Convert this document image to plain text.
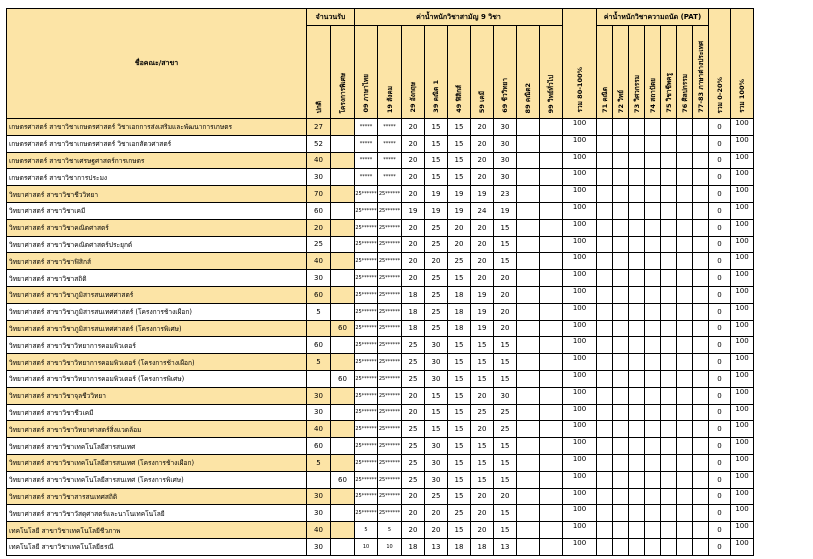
ชื่อคณะ/สาขา	จำนวนรับ		ค่าน้ำหนักวิชาสามัญ 9 วิชา									รวม 80-100%	ค่าน้ำหนักวิชาความถนัด (PAT)							รวม 0-20%	รวม 100%
	ปกติ	โครงการพิเศษ	09 ภาษาไทย	19 สังคม	29 อังกฤษ	39 คณิต 1	49 ฟิสิกส์	59 เคมี	69 ชีววิทยา	89 คณิต2	99 วิทย์ทั่วไป		71 คณิต	72 วิทย์	73 วิศวกรรม	74 สถาปัตย	75 วิชาชีพครู	76 ศิลปกรรม	77-83 ภาษาต่างประเทศ		
เกษตรศาสตร์ สาขาวิชาเกษตรศาสตร์ วิชาเอกการส่งเสริมและพัฒนาการเกษตร	27		*****	*****	20	15	15	20	30			100								0	100
เกษตรศาสตร์ สาขาวิชาเกษตรศาสตร์ วิชาเอกสัตวศาสตร์	52		*****	*****	20	15	15	20	30			100								0	100
เกษตรศาสตร์ สาขาวิชาเศรษฐศาสตร์การเกษตร	40		*****	*****	20	15	15	20	30			100								0	100
เกษตรศาสตร์ สาขาวิชาการประมง	30		*****	*****	20	15	15	20	30			100								0	100
วิทยาศาสตร์ สาขาวิชาชีววิทยา	70		25******	25******	20	19	19	19	23			100								0	100
วิทยาศาสตร์ สาขาวิชาเคมี	60		25******	25******	19	19	19	24	19			100								0	100
วิทยาศาสตร์ สาขาวิชาคณิตศาสตร์	20		25******	25******	20	25	20	20	15			100								0	100
วิทยาศาสตร์ สาขาวิชาคณิตศาสตร์ประยุกต์	25		25******	25******	20	25	20	20	15			100								0	100
วิทยาศาสตร์ สาขาวิชาฟิสิกส์	40		25******	25******	20	20	25	20	15			100								0	100
วิทยาศาสตร์ สาขาวิชาสถิติ	30		25******	25******	20	25	15	20	20			100								0	100
วิทยาศาสตร์ สาขาวิชาภูมิสารสนเทศศาสตร์	60		25******	25******	18	25	18	19	20			100								0	100
วิทยาศาสตร์ สาขาวิชาภูมิสารสนเทศศาสตร์ (โครงการช้างเผือก)	5		25******	25******	18	25	18	19	20			100								0	100
วิทยาศาสตร์ สาขาวิชาภูมิสารสนเทศศาสตร์ (โครงการพิเศษ)		60	25******	25******	18	25	18	19	20			100								0	100
วิทยาศาสตร์ สาขาวิชาวิทยาการคอมพิวเตอร์	60		25******	25******	25	30	15	15	15			100								0	100
วิทยาศาสตร์ สาขาวิชาวิทยาการคอมพิวเตอร์ (โครงการช้างเผือก)	5		25******	25******	25	30	15	15	15			100								0	100
วิทยาศาสตร์ สาขาวิชาวิทยาการคอมพิวเตอร์ (โครงการพิเศษ)		60	25******	25******	25	30	15	15	15			100								0	100
วิทยาศาสตร์ สาขาวิชาจุลชีววิทยา	30		25******	25******	20	15	15	20	30			100								0	100
วิทยาศาสตร์ สาขาวิชาชีวเคมี	30		25******	25******	20	15	15	25	25			100								0	100
วิทยาศาสตร์ สาขาวิชาวิทยาศาสตร์สิ่งแวดล้อม	40		25******	25******	25	15	15	20	25			100								0	100
วิทยาศาสตร์ สาขาวิชาเทคโนโลยีสารสนเทศ	60		25******	25******	25	30	15	15	15			100								0	100
วิทยาศาสตร์ สาขาวิชาเทคโนโลยีสารสนเทศ (โครงการช้างเผือก)	5		25******	25******	25	30	15	15	15			100								0	100
วิทยาศาสตร์ สาขาวิชาเทคโนโลยีสารสนเทศ (โครงการพิเศษ)		60	25******	25******	25	30	15	15	15			100								0	100
วิทยาศาสตร์ สาขาวิชาสารสนเทศสถิติ	30		25******	25******	20	25	15	20	20			100								0	100
วิทยาศาสตร์ สาขาวิชาวัสดุศาสตร์และนาโนเทคโนโลยี	30		25******	25******	20	20	25	20	15			100								0	100
เทคโนโลยี สาขาวิชาเทคโนโลยีชีวภาพ	40		5	5	20	20	15	20	15			100								0	100
เทคโนโลยี สาขาวิชาเทคโนโลยีธรณี	30		10	10	18	13	18	18	13			100								0	100
